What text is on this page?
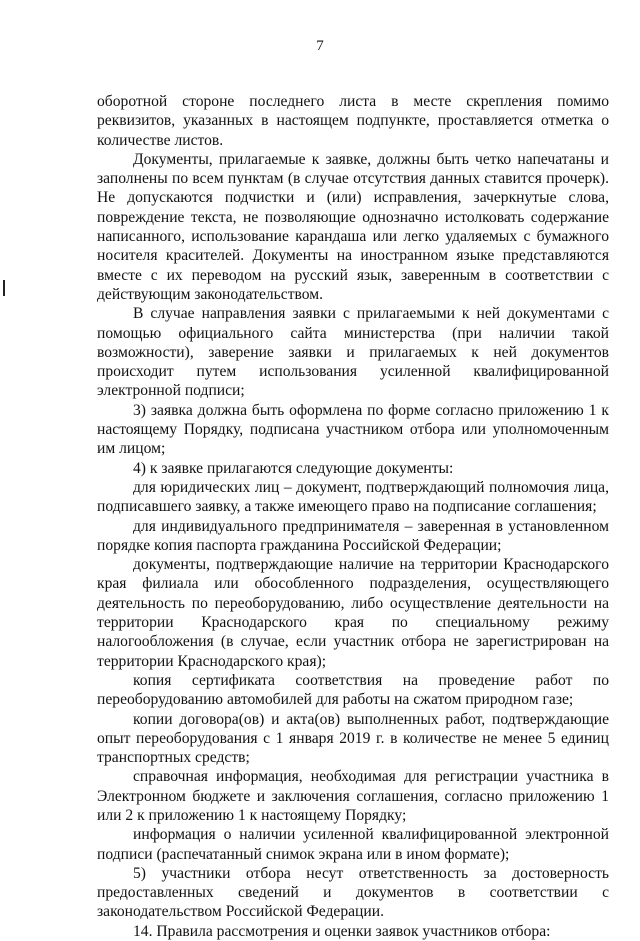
7

оборотной стороне последнего листа в месте скрепления помимо реквизитов, указанных в настоящем подпункте, проставляется отметка о количестве листов.

Документы, прилагаемые к заявке, должны быть четко напечатаны и заполнены по всем пунктам (в случае отсутствия данных ставится прочерк). Не допускаются подчистки и (или) исправления, зачеркнутые слова, повреждение текста, не позволяющие однозначно истолковать содержание написанного, использование карандаша или легко удаляемых с бумажного носителя красителей. Документы на иностранном языке представляются вместе с их переводом на русский язык, заверенным в соответствии с действующим законодательством.

В случае направления заявки с прилагаемыми к ней документами с помощью официального сайта министерства (при наличии такой возможности), заверение заявки и прилагаемых к ней документов происходит путем использования усиленной квалифицированной электронной подписи;

3) заявка должна быть оформлена по форме согласно приложению 1 к настоящему Порядку, подписана участником отбора или уполномоченным им лицом;

4) к заявке прилагаются следующие документы:

для юридических лиц – документ, подтверждающий полномочия лица, подписавшего заявку, а также имеющего право на подписание соглашения;

для индивидуального предпринимателя – заверенная в установленном порядке копия паспорта гражданина Российской Федерации;

документы, подтверждающие наличие на территории Краснодарского края филиала или обособленного подразделения, осуществляющего деятельность по переоборудованию, либо осуществление деятельности на территории Краснодарского края по специальному режиму налогообложения (в случае, если участник отбора не зарегистрирован на территории Краснодарского края);

копия сертификата соответствия на проведение работ по переоборудованию автомобилей для работы на сжатом природном газе;

копии договора(ов) и акта(ов) выполненных работ, подтверждающие опыт переоборудования с 1 января 2019 г. в количестве не менее 5 единиц транспортных средств;

справочная информация, необходимая для регистрации участника в Электронном бюджете и заключения соглашения, согласно приложению 1 или 2 к приложению 1 к настоящему Порядку;

информация о наличии усиленной квалифицированной электронной подписи (распечатанный снимок экрана или в ином формате);

5) участники отбора несут ответственность за достоверность предоставленных сведений и документов в соответствии с законодательством Российской Федерации.

14. Правила рассмотрения и оценки заявок участников отбора:
